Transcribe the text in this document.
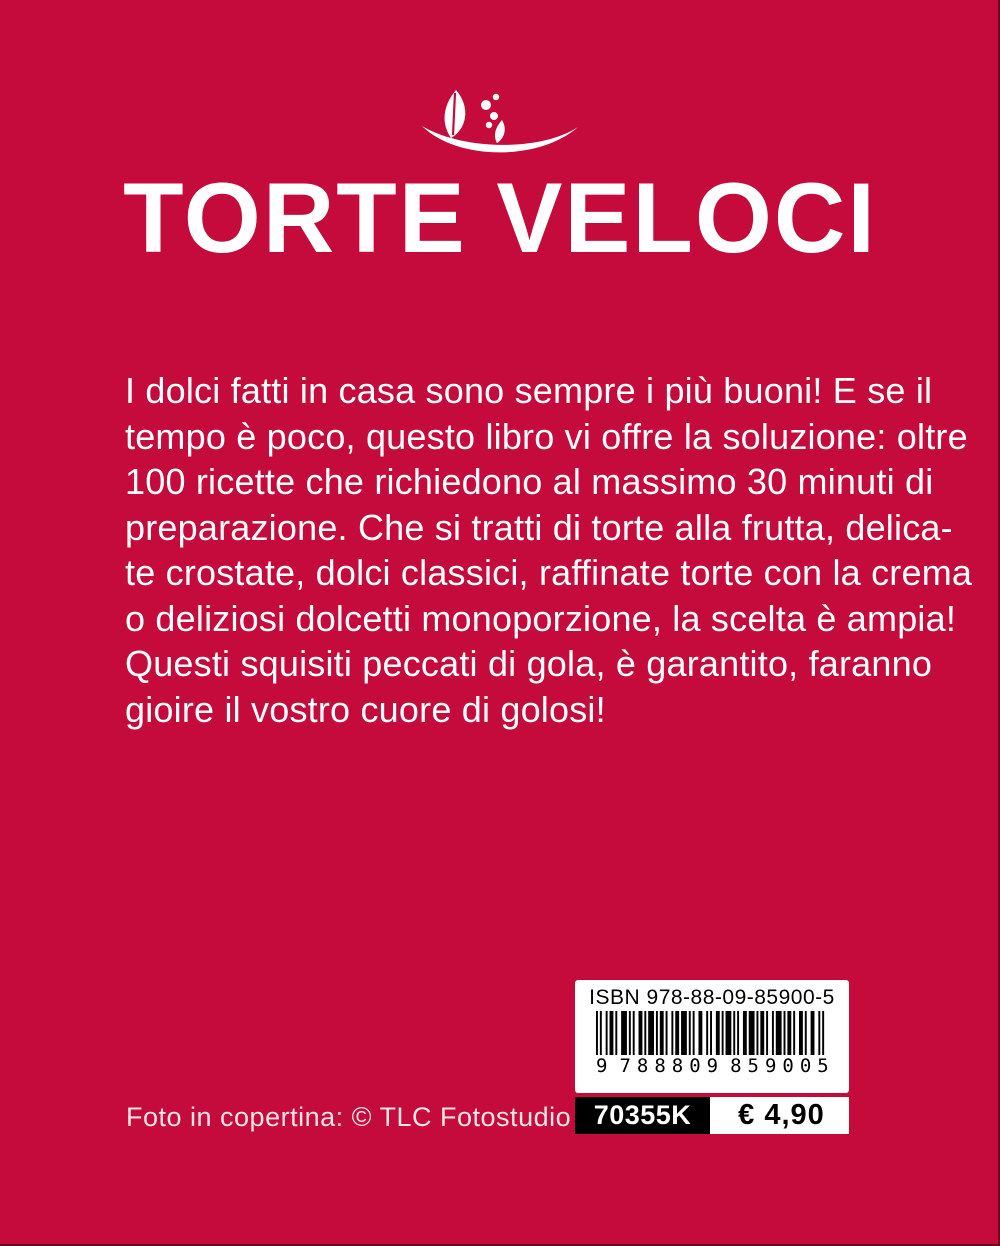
TORTE VELOCI
I dolci fatti in casa sono sempre i più buoni! E se il
tempo è poco, questo libro vi offre la soluzione: oltre
100 ricette che richiedono al massimo 30 minuti di
preparazione. Che si tratti di torte alla frutta, delica-
te crostate, dolci classici, raffinate torte con la crema
o deliziosi dolcetti monoporzione, la scelta è ampia!
Questi squisiti peccati di gola, è garantito, faranno
gioire il vostro cuore di golosi!
Foto in copertina: © TLC Fotostudio
ISBN 978-88-09-85900-5
9 788809 859005
70355K	€ 4,90
